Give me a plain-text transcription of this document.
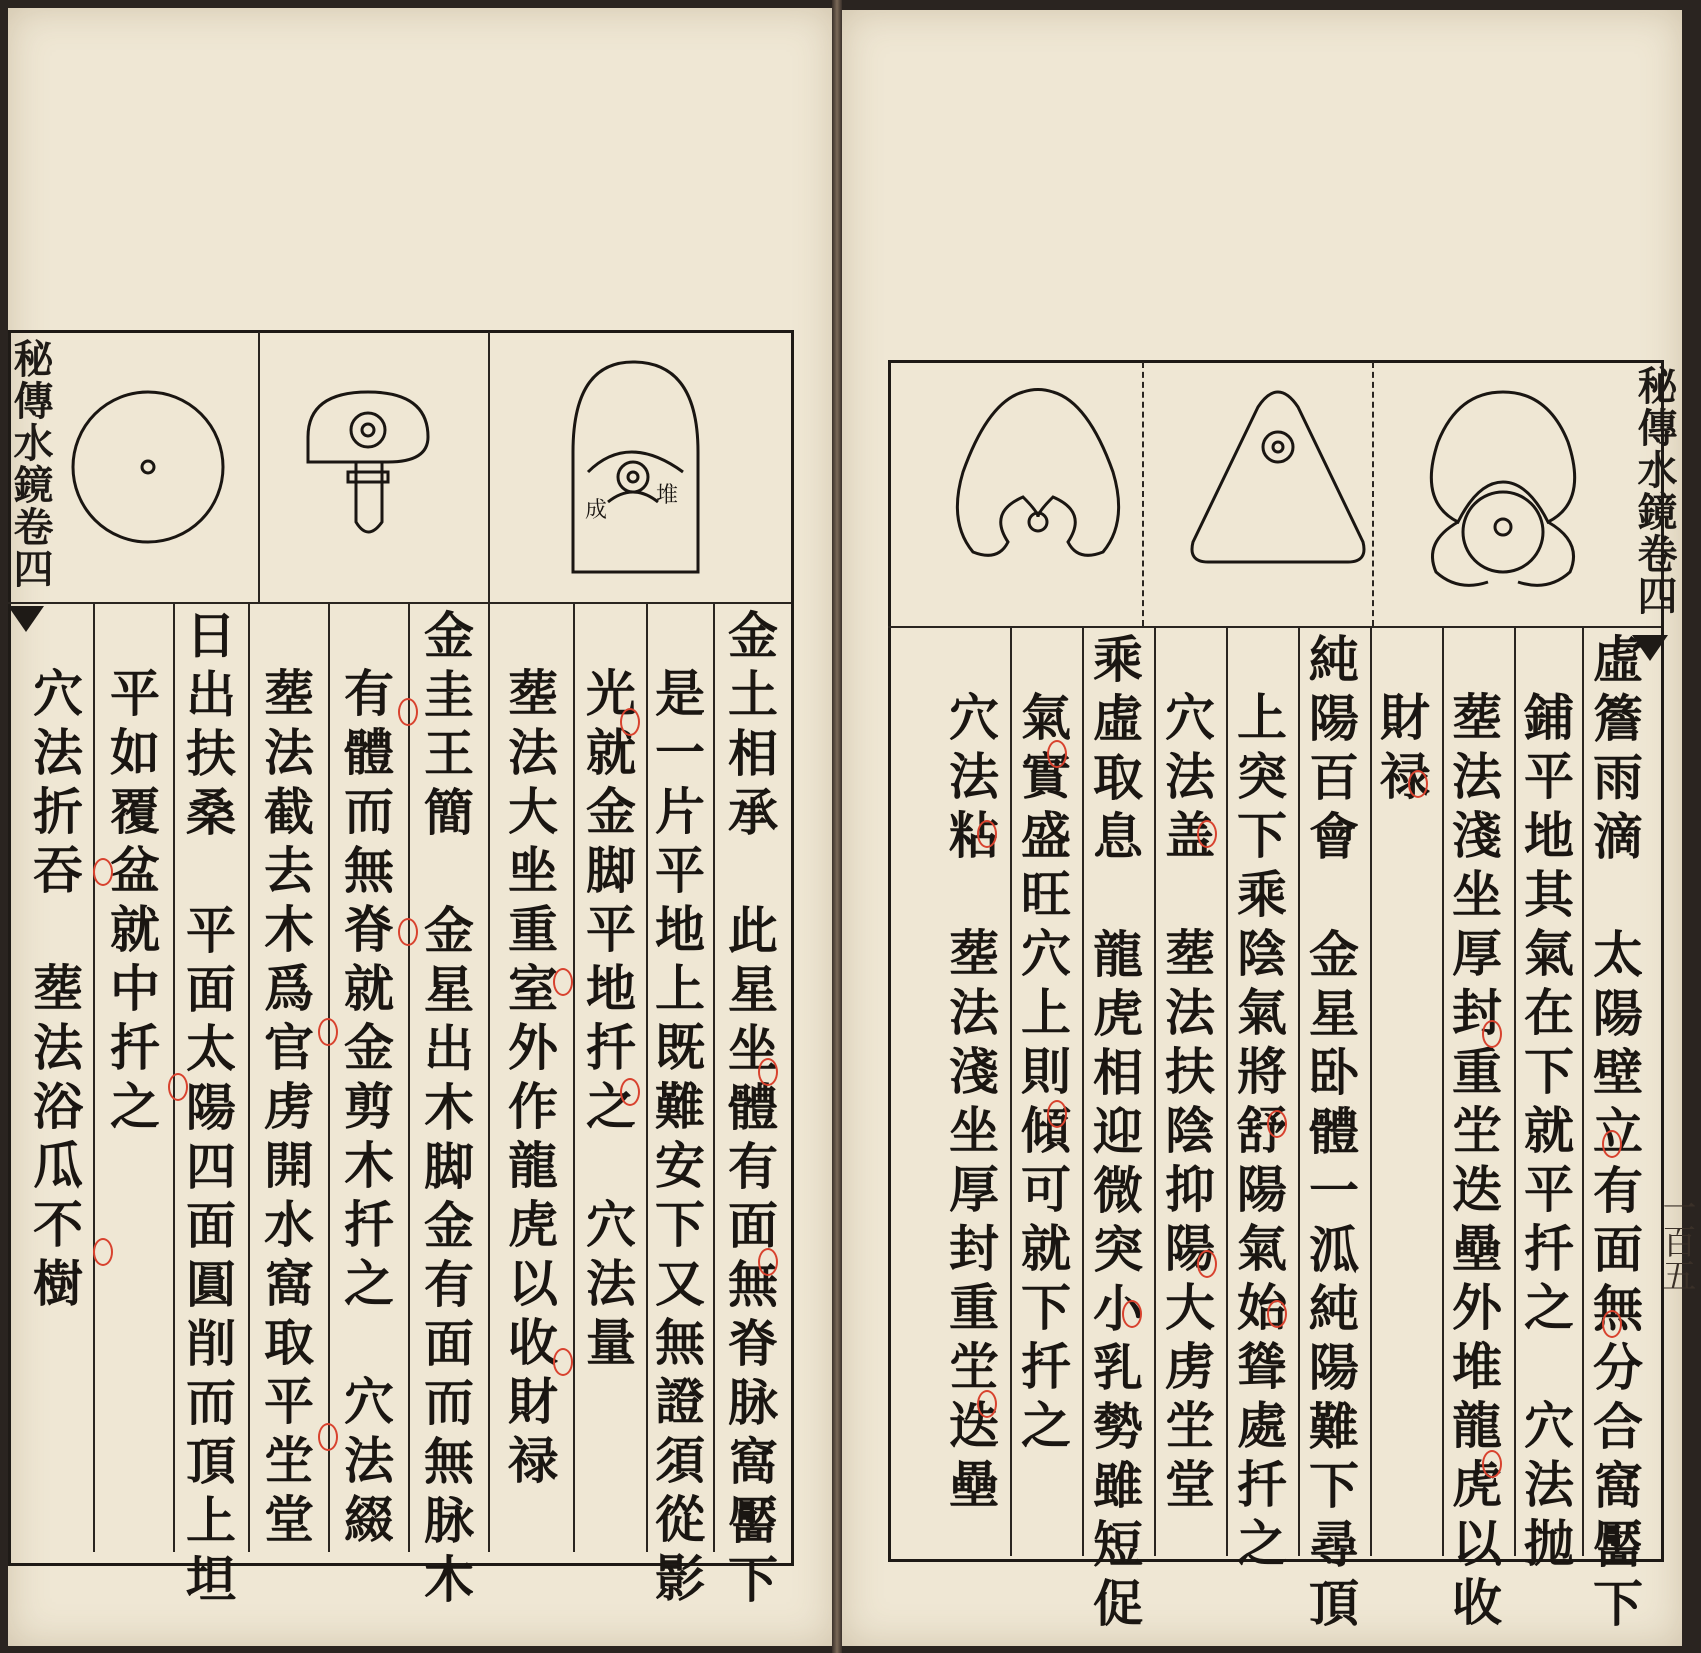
成
堆
秘傳水鏡卷四
金
土
相
承

此
星
坐
體
有
面
無
脊
脉
窩
靨
下
是
一
片
平
地
上
既
難
安
下
又
無
證
須
從
影
光
就
金
脚
平
地
扦
之

穴
法
量
塟
法
大
㘴
重
室
外
作
龍
虎
以
收
財
禄
金
圭
王
簡

金
星
出
木
脚
金
有
面
而
無
脉
木
有
體
而
無
脊
就
金
剪
木
扦
之

穴
法
綴
塟
法
截
去
木
爲
官
虏
開
水
窩
取
平
坣
堂
日
出
扶
桑

平
面
太
陽
四
面
圓
削
而
頂
上
坦
平
如
覆
盆
就
中
扦
之
穴
法
折
吞

塟
法
浴
瓜
不
樹
秘傳水鏡卷四
一百五
虛
簷
雨
滴

太
陽
壁
立
有
面
無
分
合
窩
靨
下
鋪
平
地
其
氣
在
下
就
平
扦
之

穴
法
抛
塟
法
淺
坐
厚
封
重
坣
迭
壘
外
堆
龍
虎
以
收
財
禄
純
陽
百
會

金
星
卧
體
一
泒
純
陽
難
下
尋
頂
上
突
下
乘
陰
氣
將
舒
陽
氣
始
聳
處
扦
之
穴
法
盖

塟
法
扶
陰
抑
陽
大
虏
坣
堂
乘
虛
取
息

龍
虎
相
迎
微
突
小
乳
勢
雖
短
促
氣
實
盛
旺
穴
上
則
傾
可
就
下
扦
之
穴
法
粘

塟
法
淺
坐
厚
封
重
坣
迭
壘
